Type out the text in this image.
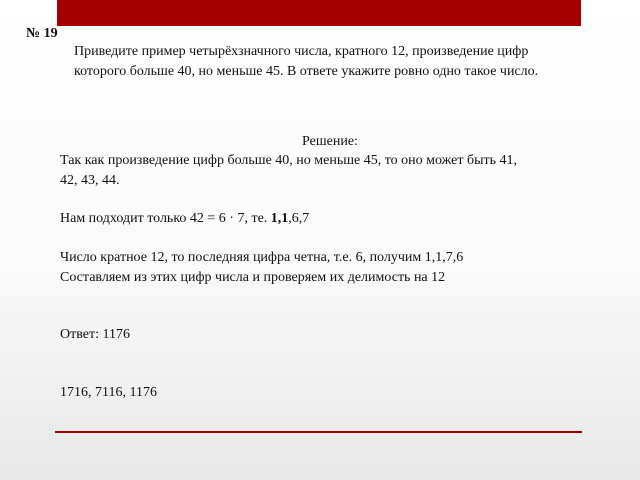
№ 19

Приведите пример четырёхзначного числа, кратного 12, произведение цифр

которого больше 40, но меньше 45. В ответе укажите ровно одно такое число.

Решение:
Так как произведение цифр больше 40, но меньше 45, то оно может быть 41,
42, 43, 44.
Нам подходит только 42 = 6 · 7, те. 1,1,6,7
Число кратное 12, то последняя цифра четна, т.е. 6, получим 1,1,7,6
Составляем из этих цифр числа и проверяем их делимость на 12
Ответ: 1176
1716, 7116, 1176
